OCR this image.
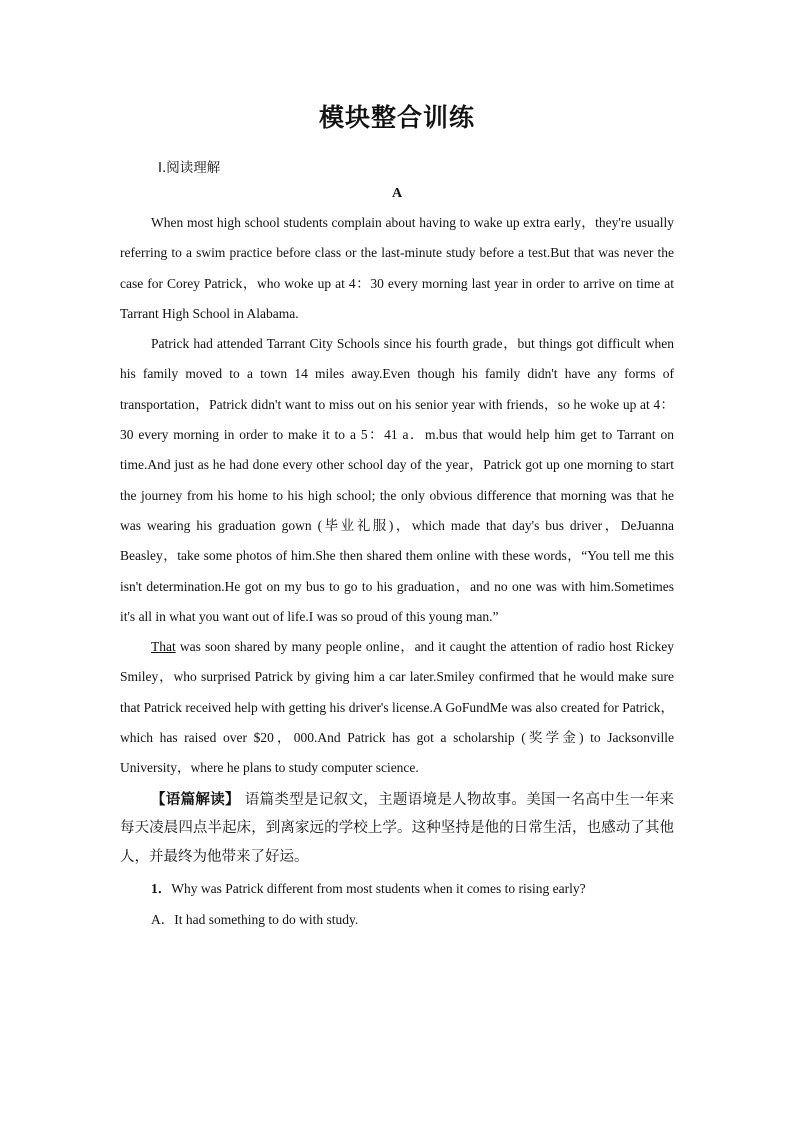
模块整合训练
Ⅰ.阅读理解
A

When most high school students complain about having to wake up extra early，they're usually referring to a swim practice before class or the last-minute study before a test.But that was never the case for Corey Patrick，who woke up at 4：30 every morning last year in order to arrive on time at Tarrant High School in Alabama.

Patrick had attended Tarrant City Schools since his fourth grade，but things got difficult when his family moved to a town 14 miles away.Even though his family didn't have any forms of transportation，Patrick didn't want to miss out on his senior year with friends，so he woke up at 4：30 every morning in order to make it to a 5：41 a．m.bus that would help him get to Tarrant on time.And just as he had done every other school day of the year，Patrick got up one morning to start the journey from his home to his high school; the only obvious difference that morning was that he was wearing his graduation gown (毕业礼服)，which made that day's bus driver，DeJuanna Beasley，take some photos of him.She then shared them online with these words，“You tell me this isn't determination.He got on my bus to go to his graduation，and no one was with him.Sometimes it's all in what you want out of life.I was so proud of this young man.”

That was soon shared by many people online，and it caught the attention of radio host Rickey Smiley，who surprised Patrick by giving him a car later.Smiley confirmed that he would make sure that Patrick received help with getting his driver's license.A GoFundMe was also created for Patrick，which has raised over $20，000.And Patrick has got a scholarship (奖学金) to Jacksonville University，where he plans to study computer science.

【语篇解读】 语篇类型是记叙文，主题语境是人物故事。美国一名高中生一年来每天凌晨四点半起床，到离家远的学校上学。这种坚持是他的日常生活，也感动了其他人，并最终为他带来了好运。

1．Why was Patrick different from most students when it comes to rising early?

A．It had something to do with study.
